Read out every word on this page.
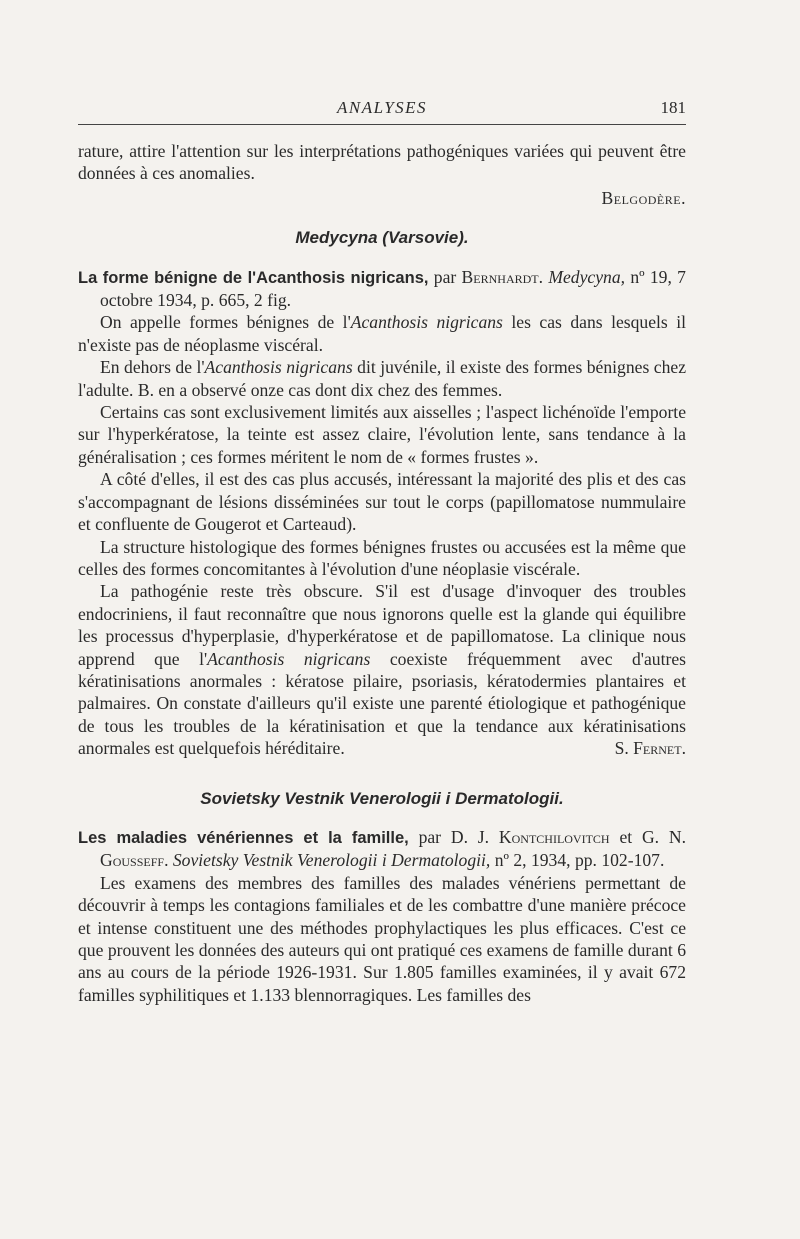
ANALYSES	181

rature, attire l'attention sur les interprétations pathogéniques variées qui peuvent être données à ces anomalies.

Belgodère.

Medycyna (Varsovie).

La forme bénigne de l'Acanthosis nigricans, par Bernhardt. Medycyna, nº 19, 7 octobre 1934, p. 665, 2 fig.

On appelle formes bénignes de l'Acanthosis nigricans les cas dans lesquels il n'existe pas de néoplasme viscéral.

En dehors de l'Acanthosis nigricans dit juvénile, il existe des formes bénignes chez l'adulte. B. en a observé onze cas dont dix chez des femmes.

Certains cas sont exclusivement limités aux aisselles ; l'aspect lichénoïde l'emporte sur l'hyperkératose, la teinte est assez claire, l'évolution lente, sans tendance à la généralisation ; ces formes méritent le nom de « formes frustes ».

A côté d'elles, il est des cas plus accusés, intéressant la majorité des plis et des cas s'accompagnant de lésions disséminées sur tout le corps (papillomatose nummulaire et confluente de Gougerot et Carteaud).

La structure histologique des formes bénignes frustes ou accusées est la même que celles des formes concomitantes à l'évolution d'une néoplasie viscérale.

La pathogénie reste très obscure. S'il est d'usage d'invoquer des troubles endocriniens, il faut reconnaître que nous ignorons quelle est la glande qui équilibre les processus d'hyperplasie, d'hyperkératose et de papillomatose. La clinique nous apprend que l'Acanthosis nigricans coexiste fréquemment avec d'autres kératinisations anormales : kératose pilaire, psoriasis, kératodermies plantaires et palmaires. On constate d'ailleurs qu'il existe une parenté étiologique et pathogénique de tous les troubles de la kératinisation et que la tendance aux kératinisations anormales est quelquefois héréditaire.	S. Fernet.

Sovietsky Vestnik Venerologii i Dermatologii.

Les maladies vénériennes et la famille, par D. J. Kontchilovitch et G. N. Gousseff. Sovietsky Vestnik Venerologii i Dermatologii, nº 2, 1934, pp. 102-107.

Les examens des membres des familles des malades vénériens permettant de découvrir à temps les contagions familiales et de les combattre d'une manière précoce et intense constituent une des méthodes prophylactiques les plus efficaces. C'est ce que prouvent les données des auteurs qui ont pratiqué ces examens de famille durant 6 ans au cours de la période 1926-1931. Sur 1.805 familles examinées, il y avait 672 familles syphilitiques et 1.133 blennorragiques. Les familles des
